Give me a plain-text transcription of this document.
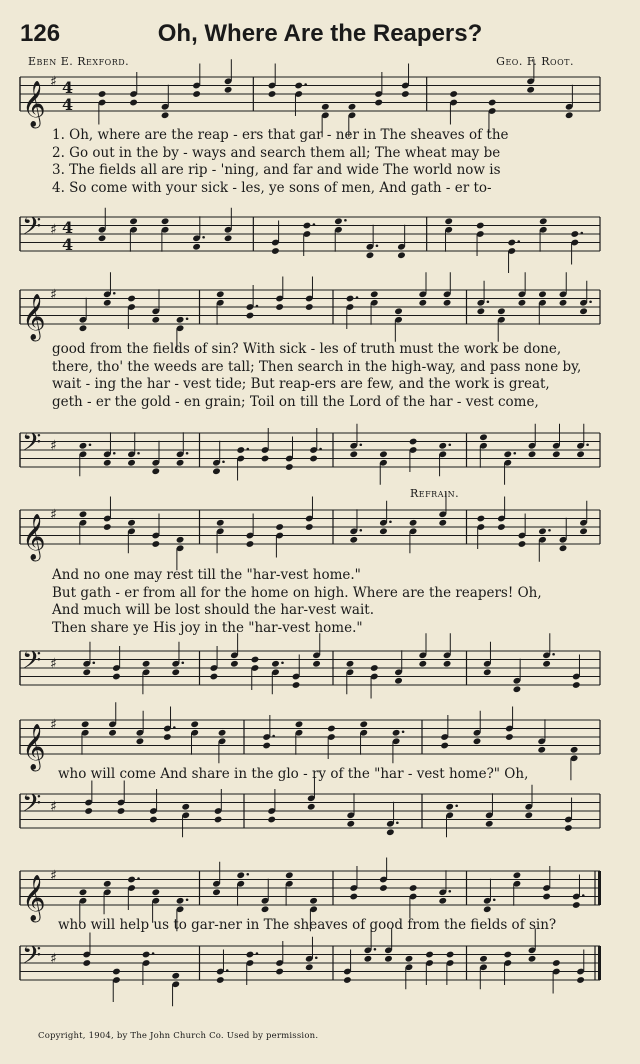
126	Oh, Where Are the Reapers?
Eben E. Rexford.	Geo. F. Root.
𝄞 ♯ 4
4
1. Oh, where are the reap - ers that gar - ner in The sheaves of the
2. Go out in the by - ways and search them all; The wheat may be
3. The fields all are rip - 'ning, and far and wide The world now is
4. So come with your sick - les, ye sons of men, And gath - er to-
𝄢 ♯ 4
4
𝄞 ♯
good from the fields of sin? With sick - les of truth must the work be done,
there, tho' the weeds are tall; Then search in the high-way, and pass none by,
wait - ing the har - vest tide; But reap-ers are few, and the work is great,
geth - er the gold - en grain; Toil on till the Lord of the har - vest come,
𝄢 ♯
Refrain.
𝄞 ♯
And no one may rest till the "har-vest home."
But gath - er from all for the home on high. Where are the reapers! Oh,
And much will be lost should the har-vest wait.
Then share ye His joy in the "har-vest home."
𝄢 ♯
𝄞 ♯
who will come And share in the glo - ry of the "har - vest home?" Oh,
𝄢 ♯
𝄞 ♯
who will help us to gar-ner in The sheaves of good from the fields of sin?
𝄢 ♯
Copyright, 1904, by The John Church Co. Used by permission.
